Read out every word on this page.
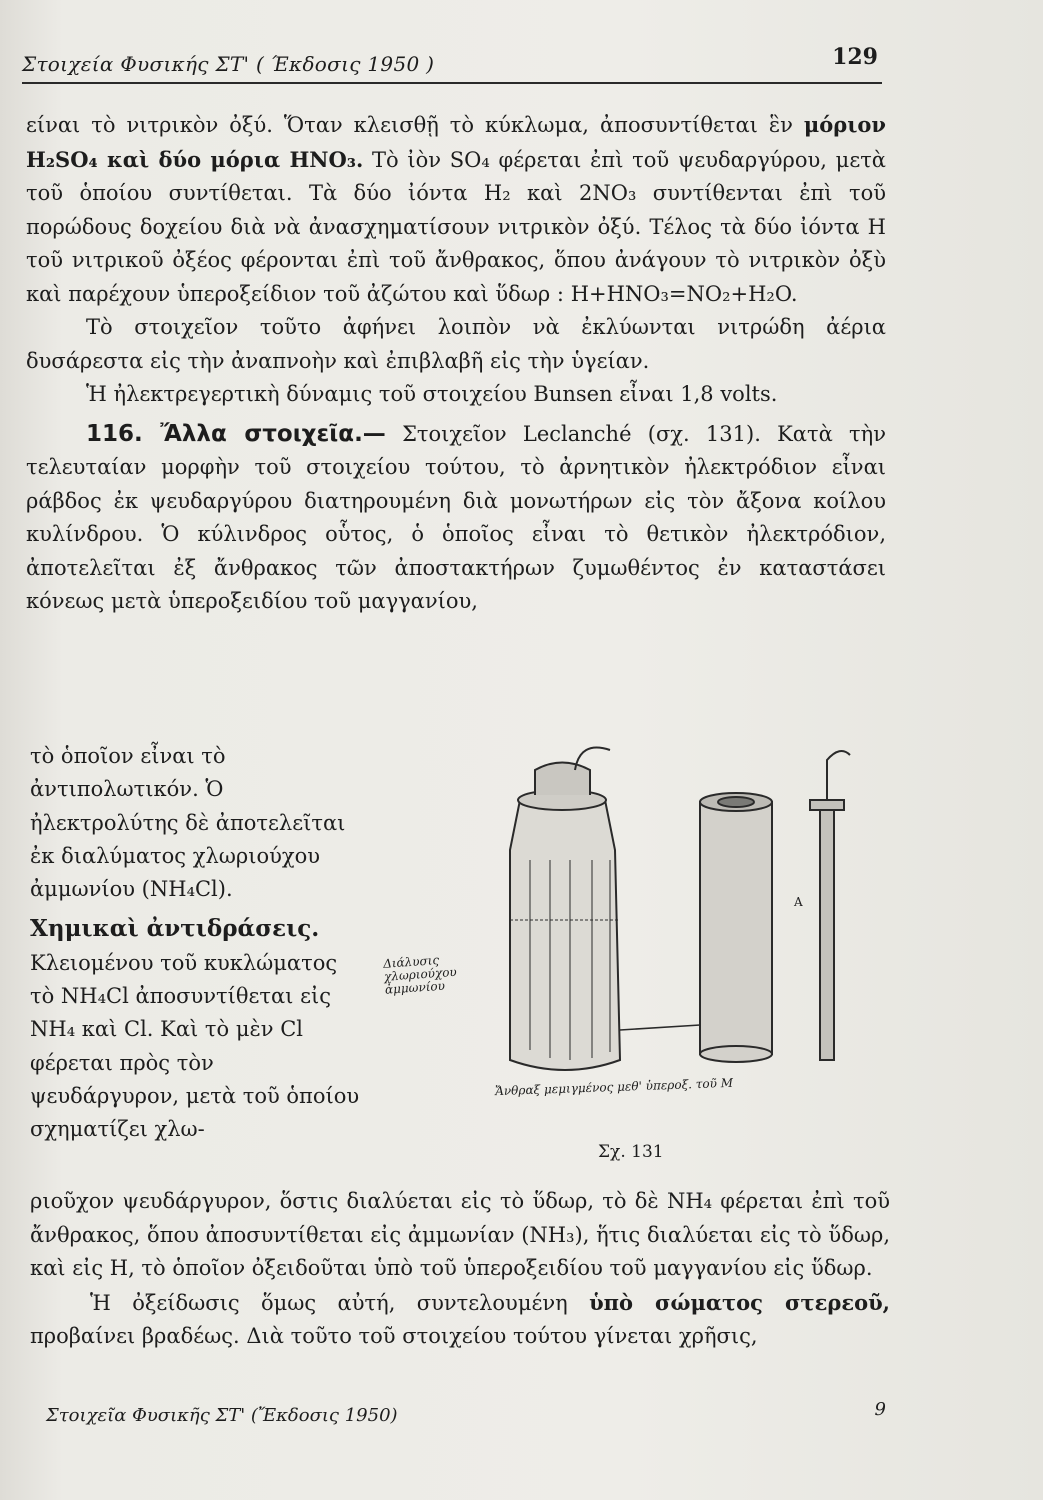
Στοιχεία Φυσικής ΣΤ' ( Έκδοσις 1950 )	129

είναι τὸ νιτρικὸν ὀξύ. Ὅταν κλεισθῇ τὸ κύκλωμα, ἀποσυντίθεται ἓν μόριον H₂SO₄ καὶ δύο μόρια HNO₃. Τὸ ἰὸν SO₄ φέρεται ἐπὶ τοῦ ψευδαργύρου, μετὰ τοῦ ὁποίου συντίθεται. Τὰ δύο ἰόντα H₂ καὶ 2NO₃ συντίθενται ἐπὶ τοῦ πορώδους δοχείου διὰ νὰ ἀνασχηματίσουν νιτρικὸν ὀξύ. Τέλος τὰ δύο ἰόντα H τοῦ νιτρικοῦ ὀξέος φέρονται ἐπὶ τοῦ ἄνθρακος, ὅπου ἀνάγουν τὸ νιτρικὸν ὀξὺ καὶ παρέχουν ὑπεροξείδιον τοῦ ἀζώτου καὶ ὕδωρ : H+HNO₃=NO₂+H₂O.

Τὸ στοιχεῖον τοῦτο ἀφήνει λοιπὸν νὰ ἐκλύωνται νιτρώδη ἀέρια δυσάρεστα εἰς τὴν ἀναπνοὴν καὶ ἐπιβλαβῆ εἰς τὴν ὑγείαν.

Ἡ ἠλεκτρεγερτικὴ δύναμις τοῦ στοιχείου Bunsen εἶναι 1,8 volts.

116. Ἄλλα στοιχεῖα.— Στοιχεῖον Leclanché (σχ. 131). Κατὰ τὴν τελευταίαν μορφὴν τοῦ στοιχείου τούτου, τὸ ἀρνητικὸν ἠλεκτρόδιον εἶναι ράβδος ἐκ ψευδαργύρου διατηρουμένη διὰ μονωτήρων εἰς τὸν ἄξονα κοίλου κυλίνδρου. Ὁ κύλινδρος οὗτος, ὁ ὁποῖος εἶναι τὸ θετικὸν ἠλεκτρόδιον, ἀποτελεῖται ἐξ ἄνθρακος τῶν ἀποστακτήρων ζυμωθέντος ἐν καταστάσει κόνεως μετὰ ὑπεροξειδίου τοῦ μαγγανίου,

τὸ ὁποῖον εἶναι τὸ ἀντιπολωτικόν. Ὁ ἠλεκτρολύτης δὲ ἀποτελεῖται ἐκ διαλύματος χλωριούχου ἀμμωνίου (NH₄Cl).

Χημικαὶ ἀντιδράσεις. Κλειομένου τοῦ κυκλώματος τὸ NH₄Cl ἀποσυντίθεται εἰς NH₄ καὶ Cl. Καὶ τὸ μὲν Cl φέρεται πρὸς τὸν ψευδάργυρον, μετὰ τοῦ ὁποίου σχηματίζει χλω-

Διάλυσις χλωριούχου ἀμμωνίου
Ἄνθραξ μεμιγμένος μεθ' ὑπεροξ. τοῦ Μ
A
Σχ. 131

ριοῦχον ψευδάργυρον, ὅστις διαλύεται εἰς τὸ ὕδωρ, τὸ δὲ NH₄ φέρεται ἐπὶ τοῦ ἄνθρακος, ὅπου ἀποσυντίθεται εἰς ἀμμωνίαν (NH₃), ἥτις διαλύεται εἰς τὸ ὕδωρ, καὶ εἰς H, τὸ ὁποῖον ὀξειδοῦται ὑπὸ τοῦ ὑπεροξειδίου τοῦ μαγγανίου εἰς ὕδωρ.

Ἡ ὀξείδωσις ὅμως αὐτή, συντελουμένη ὑπὸ σώματος στερεοῦ, προβαίνει βραδέως. Διὰ τοῦτο τοῦ στοιχείου τούτου γίνεται χρῆσις,

Στοιχεῖα Φυσικῆς ΣΤ' (Ἔκδοσις 1950)	9
